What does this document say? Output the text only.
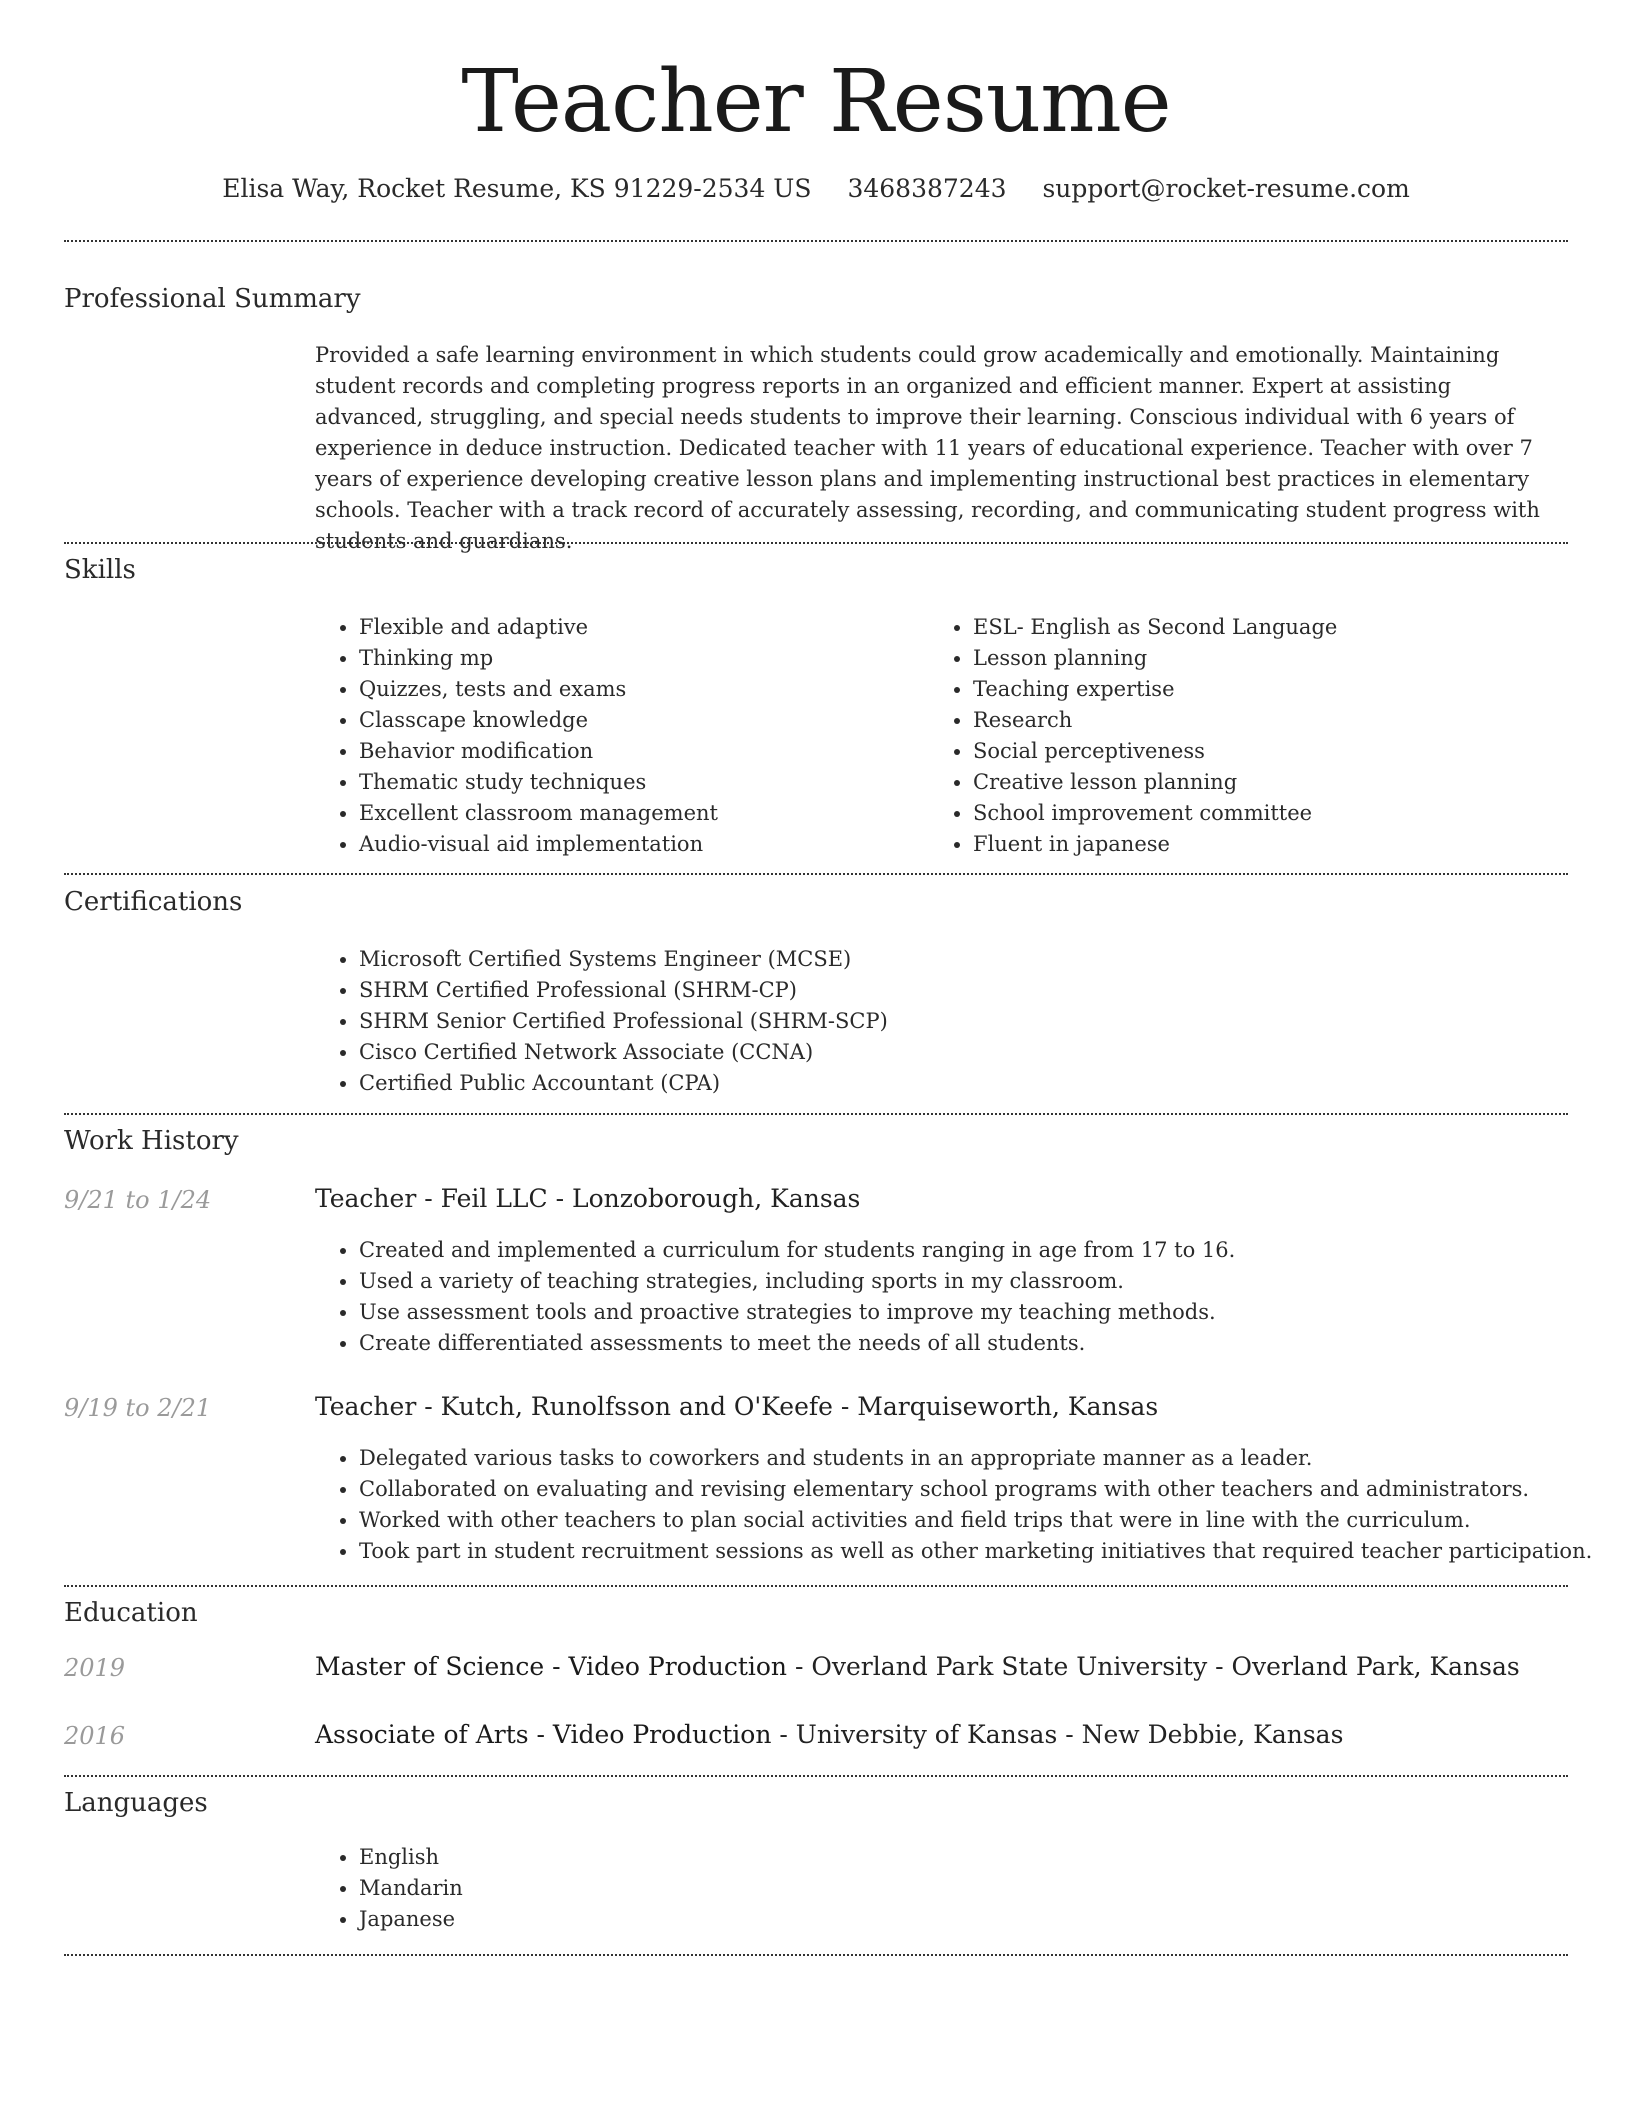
Teacher Resume
Elisa Way, Rocket Resume, KS 91229-2534 US 3468387243 support@rocket-resume.com
Professional Summary
Provided a safe learning environment in which students could grow academically and emotionally. Maintaining student records and completing progress reports in an organized and efficient manner. Expert at assisting advanced, struggling, and special needs students to improve their learning. Conscious individual with 6 years of experience in deduce instruction. Dedicated teacher with 11 years of educational experience. Teacher with over 7 years of experience developing creative lesson plans and implementing instructional best practices in elementary schools. Teacher with a track record of accurately assessing, recording, and communicating student progress with students and guardians.
Skills
• Flexible and adaptive
• Thinking mp
• Quizzes, tests and exams
• Classcape knowledge
• Behavior modification
• Thematic study techniques
• Excellent classroom management
• Audio-visual aid implementation
• ESL- English as Second Language
• Lesson planning
• Teaching expertise
• Research
• Social perceptiveness
• Creative lesson planning
• School improvement committee
• Fluent in japanese
Certifications
• Microsoft Certified Systems Engineer (MCSE)
• SHRM Certified Professional (SHRM-CP)
• SHRM Senior Certified Professional (SHRM-SCP)
• Cisco Certified Network Associate (CCNA)
• Certified Public Accountant (CPA)
Work History
9/21 to 1/24	Teacher - Feil LLC - Lonzoborough, Kansas
• Created and implemented a curriculum for students ranging in age from 17 to 16.
• Used a variety of teaching strategies, including sports in my classroom.
• Use assessment tools and proactive strategies to improve my teaching methods.
• Create differentiated assessments to meet the needs of all students.
9/19 to 2/21	Teacher - Kutch, Runolfsson and O'Keefe - Marquiseworth, Kansas
• Delegated various tasks to coworkers and students in an appropriate manner as a leader.
• Collaborated on evaluating and revising elementary school programs with other teachers and administrators.
• Worked with other teachers to plan social activities and field trips that were in line with the curriculum.
• Took part in student recruitment sessions as well as other marketing initiatives that required teacher participation.
Education
2019	Master of Science - Video Production - Overland Park State University - Overland Park, Kansas
2016	Associate of Arts - Video Production - University of Kansas - New Debbie, Kansas
Languages
• English
• Mandarin
• Japanese
